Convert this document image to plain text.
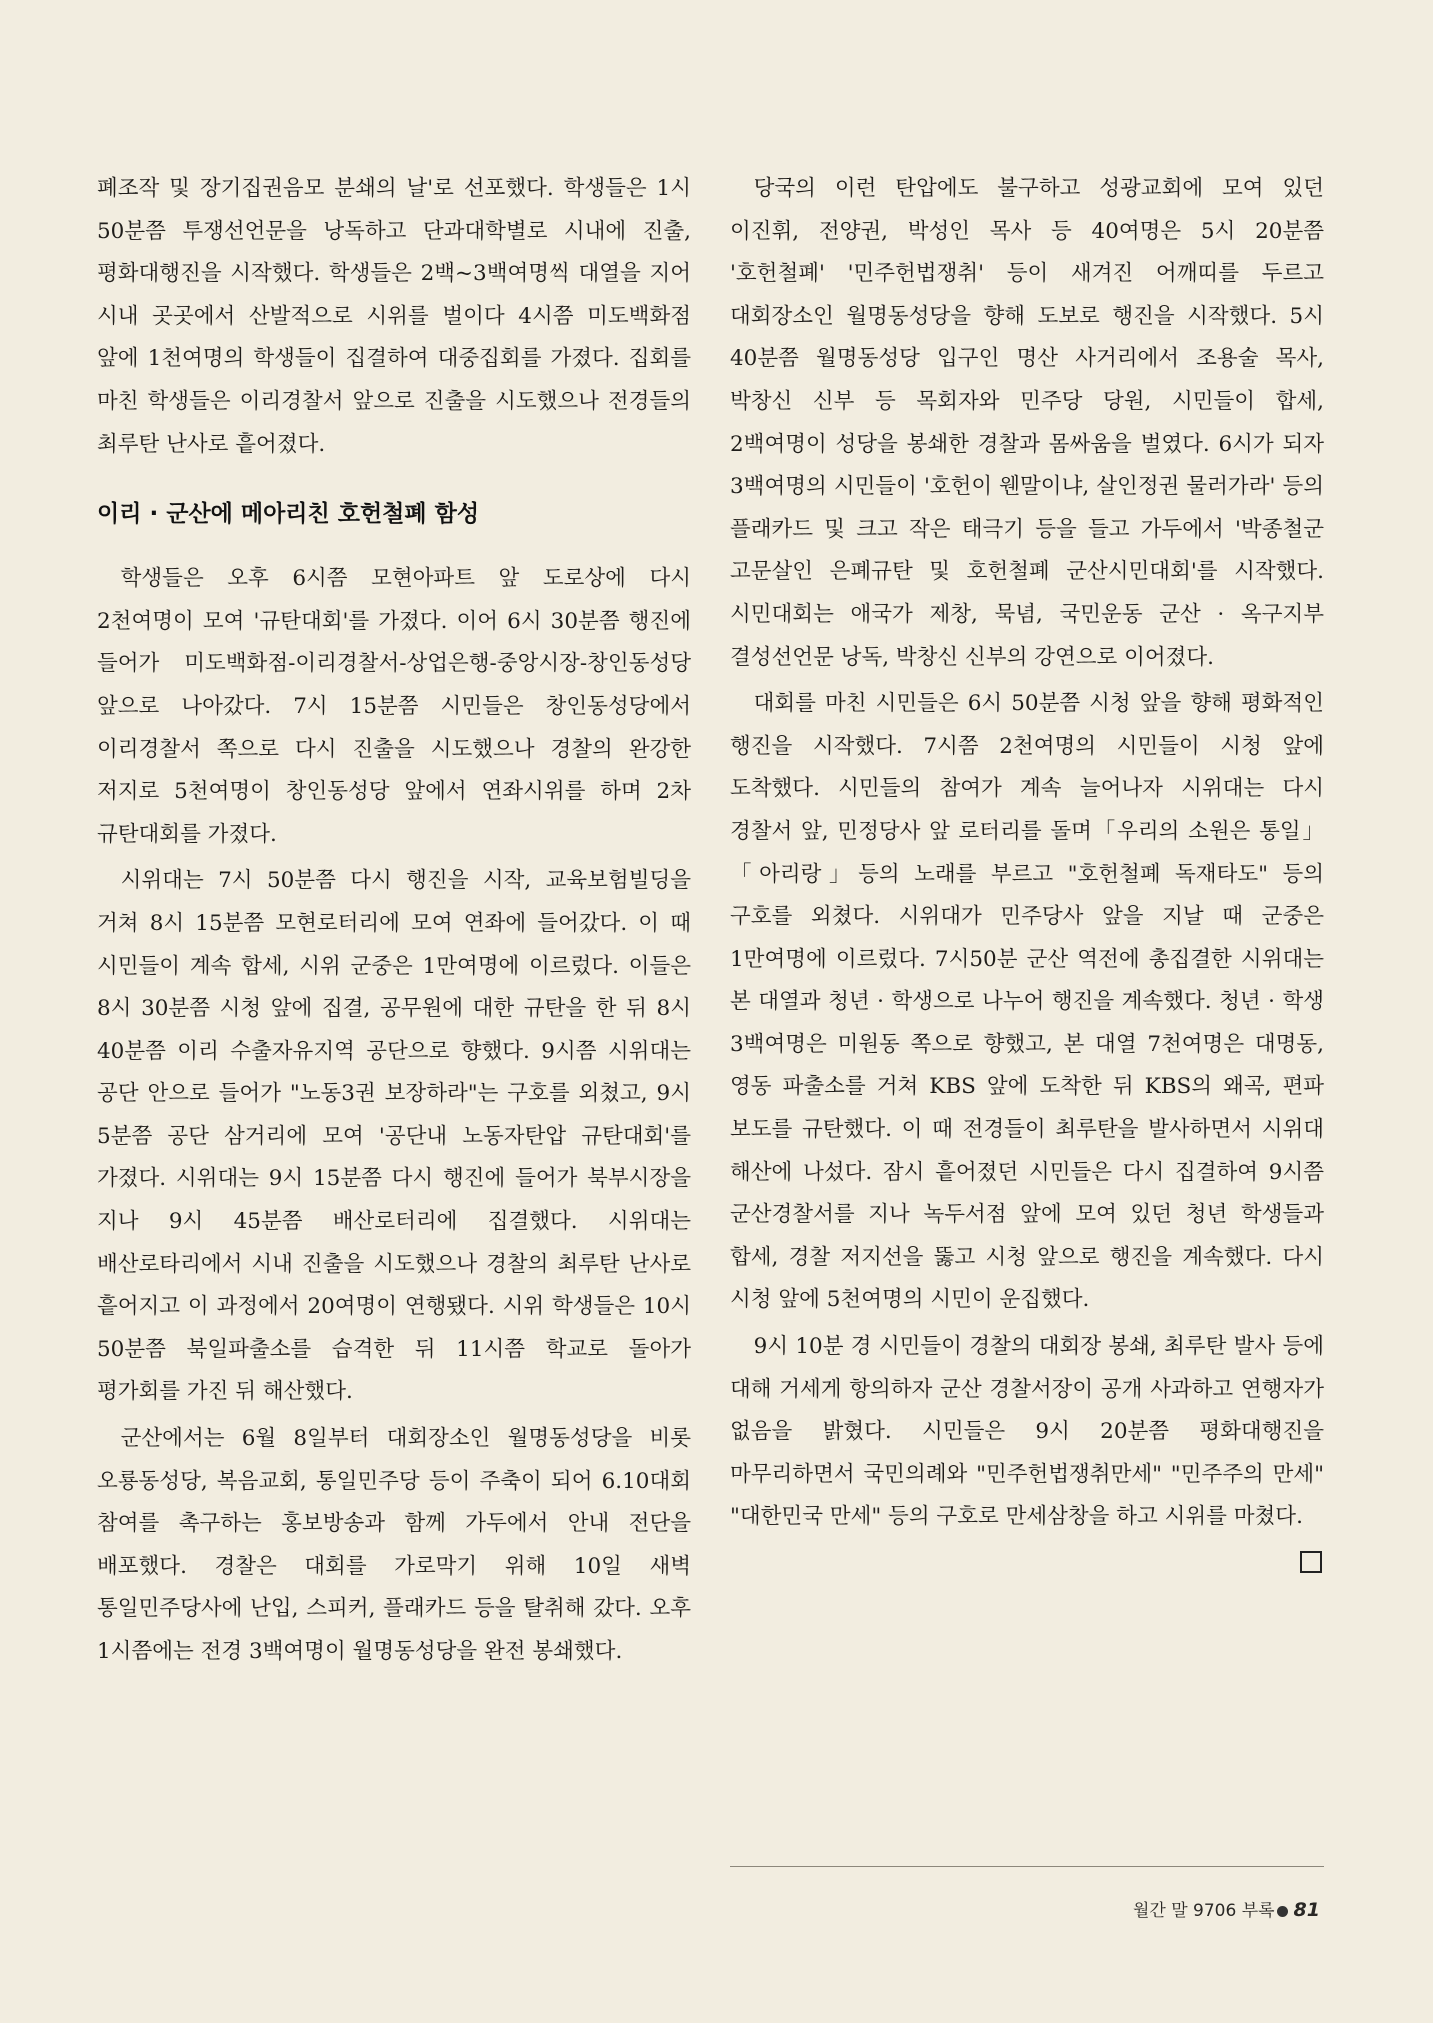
폐조작 및 장기집권음모 분쇄의 날'로 선포했다. 학생들은 1시 50분쯤 투쟁선언문을 낭독하고 단과대학별로 시내에 진출, 평화대행진을 시작했다. 학생들은 2백~3백여명씩 대열을 지어 시내 곳곳에서 산발적으로 시위를 벌이다 4시쯤 미도백화점 앞에 1천여명의 학생들이 집결하여 대중집회를 가졌다. 집회를 마친 학생들은 이리경찰서 앞으로 진출을 시도했으나 전경들의 최루탄 난사로 흩어졌다.

이리 · 군산에 메아리친 호헌철폐 함성

학생들은 오후 6시쯤 모현아파트 앞 도로상에 다시 2천여명이 모여 '규탄대회'를 가졌다. 이어 6시 30분쯤 행진에 들어가 미도백화점-이리경찰서-상업은행-중앙시장-창인동성당 앞으로 나아갔다. 7시 15분쯤 시민들은 창인동성당에서 이리경찰서 쪽으로 다시 진출을 시도했으나 경찰의 완강한 저지로 5천여명이 창인동성당 앞에서 연좌시위를 하며 2차 규탄대회를 가졌다.

시위대는 7시 50분쯤 다시 행진을 시작, 교육보험빌딩을 거쳐 8시 15분쯤 모현로터리에 모여 연좌에 들어갔다. 이 때 시민들이 계속 합세, 시위 군중은 1만여명에 이르렀다. 이들은 8시 30분쯤 시청 앞에 집결, 공무원에 대한 규탄을 한 뒤 8시 40분쯤 이리 수출자유지역 공단으로 향했다. 9시쯤 시위대는 공단 안으로 들어가 "노동3권 보장하라"는 구호를 외쳤고, 9시 5분쯤 공단 삼거리에 모여 '공단내 노동자탄압 규탄대회'를 가졌다. 시위대는 9시 15분쯤 다시 행진에 들어가 북부시장을 지나 9시 45분쯤 배산로터리에 집결했다. 시위대는 배산로타리에서 시내 진출을 시도했으나 경찰의 최루탄 난사로 흩어지고 이 과정에서 20여명이 연행됐다. 시위 학생들은 10시 50분쯤 북일파출소를 습격한 뒤 11시쯤 학교로 돌아가 평가회를 가진 뒤 해산했다.

군산에서는 6월 8일부터 대회장소인 월명동성당을 비롯 오룡동성당, 복음교회, 통일민주당 등이 주축이 되어 6.10대회 참여를 촉구하는 홍보방송과 함께 가두에서 안내 전단을 배포했다. 경찰은 대회를 가로막기 위해 10일 새벽 통일민주당사에 난입, 스피커, 플래카드 등을 탈취해 갔다. 오후 1시쯤에는 전경 3백여명이 월명동성당을 완전 봉쇄했다.

당국의 이런 탄압에도 불구하고 성광교회에 모여 있던 이진휘, 전양권, 박성인 목사 등 40여명은 5시 20분쯤 '호헌철폐' '민주헌법쟁취' 등이 새겨진 어깨띠를 두르고 대회장소인 월명동성당을 향해 도보로 행진을 시작했다. 5시 40분쯤 월명동성당 입구인 명산 사거리에서 조용술 목사, 박창신 신부 등 목회자와 민주당 당원, 시민들이 합세, 2백여명이 성당을 봉쇄한 경찰과 몸싸움을 벌였다. 6시가 되자 3백여명의 시민들이 '호헌이 웬말이냐, 살인정권 물러가라' 등의 플래카드 및 크고 작은 태극기 등을 들고 가두에서 '박종철군 고문살인 은폐규탄 및 호헌철폐 군산시민대회'를 시작했다. 시민대회는 애국가 제창, 묵념, 국민운동 군산 · 옥구지부 결성선언문 낭독, 박창신 신부의 강연으로 이어졌다.

대회를 마친 시민들은 6시 50분쯤 시청 앞을 향해 평화적인 행진을 시작했다. 7시쯤 2천여명의 시민들이 시청 앞에 도착했다. 시민들의 참여가 계속 늘어나자 시위대는 다시 경찰서 앞, 민정당사 앞 로터리를 돌며「우리의 소원은 통일」「아리랑」등의 노래를 부르고 "호헌철폐 독재타도" 등의 구호를 외쳤다. 시위대가 민주당사 앞을 지날 때 군중은 1만여명에 이르렀다. 7시50분 군산 역전에 총집결한 시위대는 본 대열과 청년 · 학생으로 나누어 행진을 계속했다. 청년 · 학생 3백여명은 미원동 쪽으로 향했고, 본 대열 7천여명은 대명동, 영동 파출소를 거쳐 KBS 앞에 도착한 뒤 KBS의 왜곡, 편파 보도를 규탄했다. 이 때 전경들이 최루탄을 발사하면서 시위대 해산에 나섰다. 잠시 흩어졌던 시민들은 다시 집결하여 9시쯤 군산경찰서를 지나 녹두서점 앞에 모여 있던 청년 학생들과 합세, 경찰 저지선을 뚫고 시청 앞으로 행진을 계속했다. 다시 시청 앞에 5천여명의 시민이 운집했다.

9시 10분 경 시민들이 경찰의 대회장 봉쇄, 최루탄 발사 등에 대해 거세게 항의하자 군산 경찰서장이 공개 사과하고 연행자가 없음을 밝혔다. 시민들은 9시 20분쯤 평화대행진을 마무리하면서 국민의례와 "민주헌법쟁취만세" "민주주의 만세" "대한민국 만세" 등의 구호로 만세삼창을 하고 시위를 마쳤다.

월간 말 9706 부록 81
